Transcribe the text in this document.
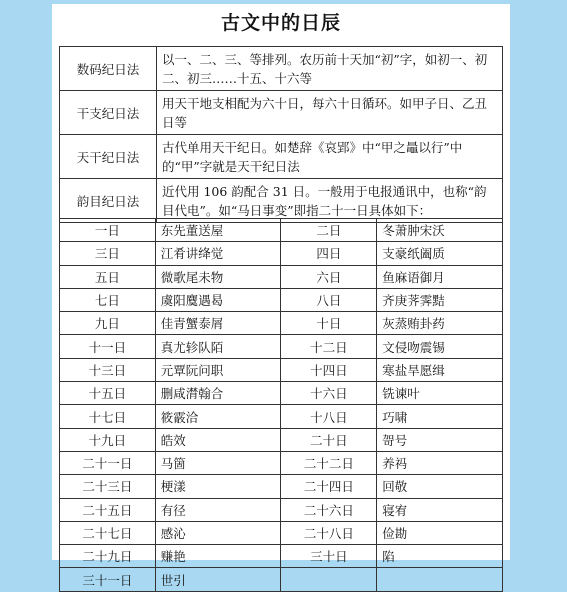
古文中的日辰
数码纪日法	以一、二、三、等排列。农历前十天加“初”字，如初一、初二、初三……十五、十六等
干支纪日法	用天干地支相配为六十日，每六十日循环。如甲子日、乙丑日等
天干纪日法	古代单用天干纪日。如楚辞《哀郢》中“甲之鼂以行”中的“甲”字就是天干纪日法
韵目纪日法	近代用 106 韵配合 31 日。一般用于电报通讯中，也称“韵目代电”。如“马日事变”即指二十一日具体如下：
一日	东先董送屋	二日	冬萧肿宋沃
三日	江肴讲绛觉	四日	支豪纸阖质
五日	微歌尾未物	六日	鱼麻语御月
七日	虞阳麌遇曷	八日	齐庚荠霁黠
九日	佳青蟹泰屑	十日	灰蒸贿卦药
十一日	真尤轸队陌	十二日	文侵吻震锡
十三日	元覃阮问职	十四日	寒盐旱愿缉
十五日	删咸潸翰合	十六日	铣谏叶
十七日	筱霰洽	十八日	巧啸
十九日	皓效	二十日	哿号
二十一日	马箇	二十二日	养祃
二十三日	梗漾	二十四日	回敬
二十五日	有径	二十六日	寝宥
二十七日	感沁	二十八日	俭勘
二十九日	赚艳	三十日	陷
三十一日	世引		
